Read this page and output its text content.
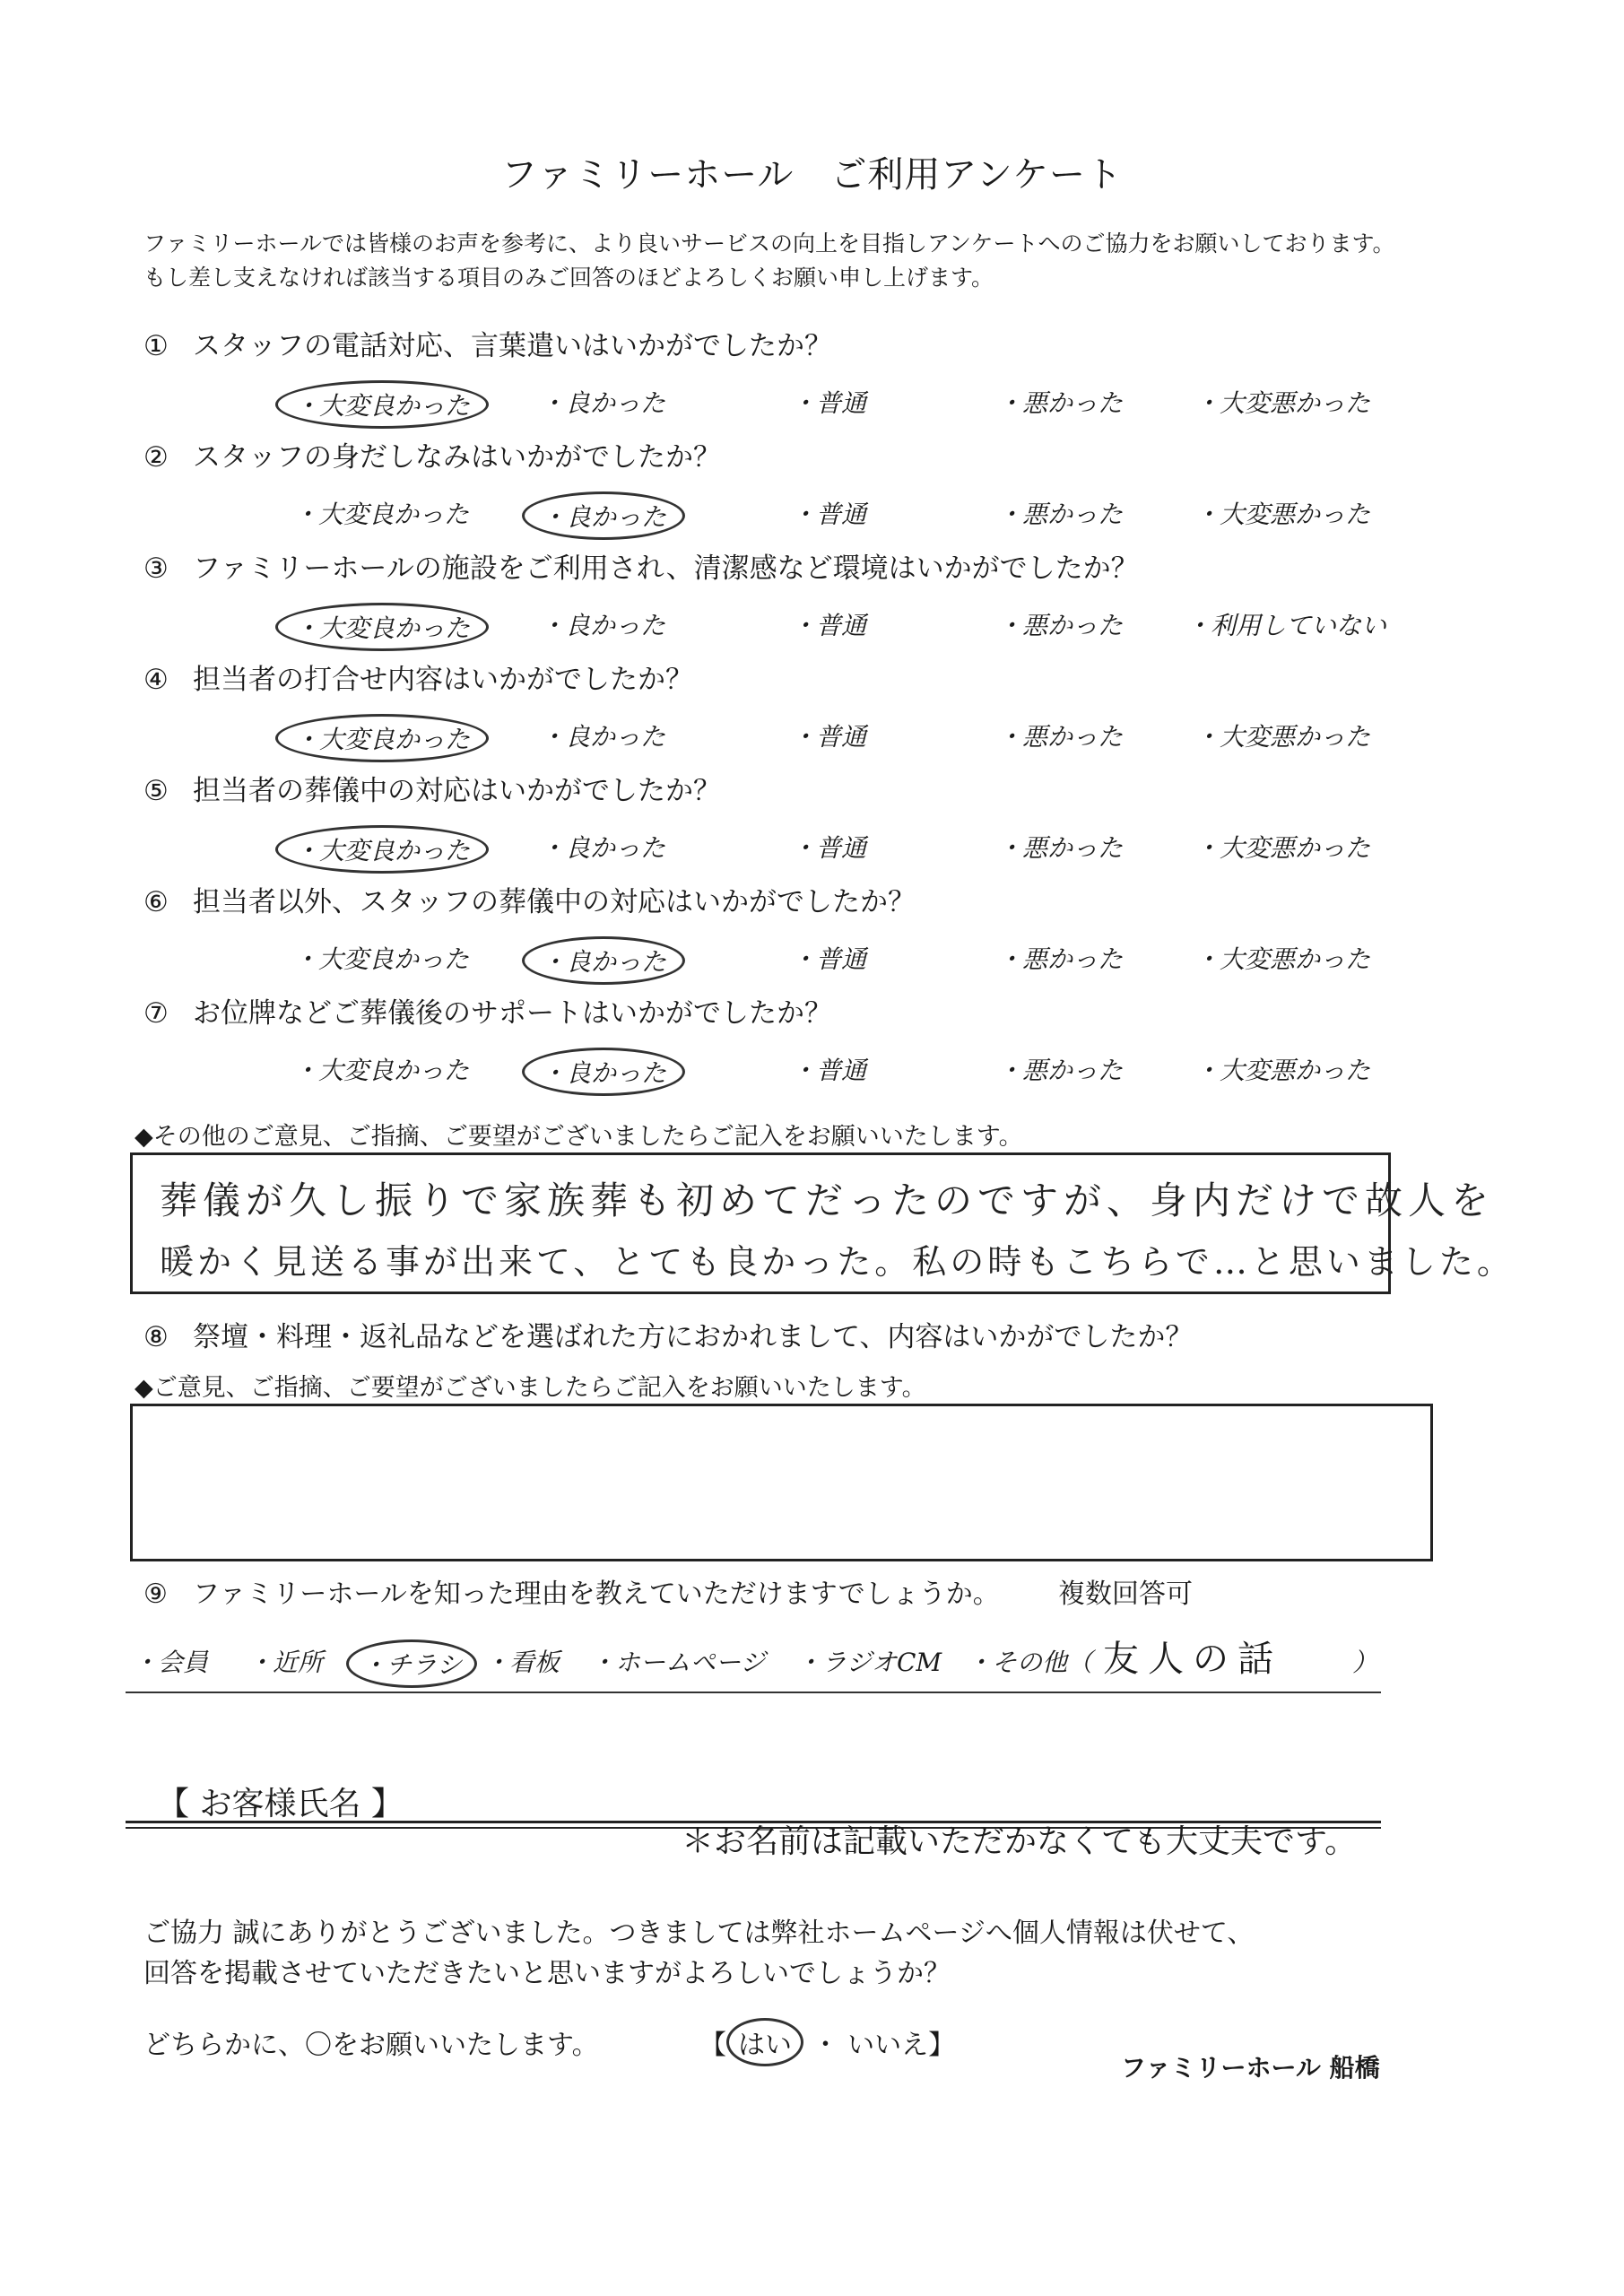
ファミリーホール　ご利用アンケート
ファミリーホールでは皆様のお声を参考に、より良いサービスの向上を目指しアンケートへのご協力をお願いしております。
もし差し支えなければ該当する項目のみご回答のほどよろしくお願い申し上げます。
① スタッフの電話対応、言葉遣いはいかがでしたか？
・大変良かった	・良かった	・普通	・悪かった	・大変悪かった
② スタッフの身だしなみはいかがでしたか？
・大変良かった	・良かった	・普通	・悪かった	・大変悪かった
③ ファミリーホールの施設をご利用され、清潔感など環境はいかがでしたか？
・大変良かった	・良かった	・普通	・悪かった	・利用していない
④ 担当者の打合せ内容はいかがでしたか？
・大変良かった	・良かった	・普通	・悪かった	・大変悪かった
⑤ 担当者の葬儀中の対応はいかがでしたか？
・大変良かった	・良かった	・普通	・悪かった	・大変悪かった
⑥ 担当者以外、スタッフの葬儀中の対応はいかがでしたか？
・大変良かった	・良かった	・普通	・悪かった	・大変悪かった
⑦ お位牌などご葬儀後のサポートはいかがでしたか？
・大変良かった	・良かった	・普通	・悪かった	・大変悪かった
◆その他のご意見、ご指摘、ご要望がございましたらご記入をお願いいたします。
葬儀が久し振りで家族葬も初めてだったのですが、身内だけで故人を
暖かく見送る事が出来て、とても良かった。私の時もこちらで…と思いました。
⑧ 祭壇・料理・返礼品などを選ばれた方におかれまして、内容はいかがでしたか？
◆ご意見、ご指摘、ご要望がございましたらご記入をお願いいたします。
⑨ ファミリーホールを知った理由を教えていただけますでしょうか。 複数回答可
・会員 ・近所	・チラシ ・看板 ・ホームページ ・ラジオCM ・その他（	）
友人の話
【 お客様氏名 】
＊お名前は記載いただかなくても大丈夫です。
ご協力 誠にありがとうございました。つきましては弊社ホームページへ個人情報は伏せて、
回答を掲載させていただきたいと思いますがよろしいでしょうか？
どちらかに、〇をお願いいたします。	【 はい ・ いいえ】
ファミリーホール 船橋
